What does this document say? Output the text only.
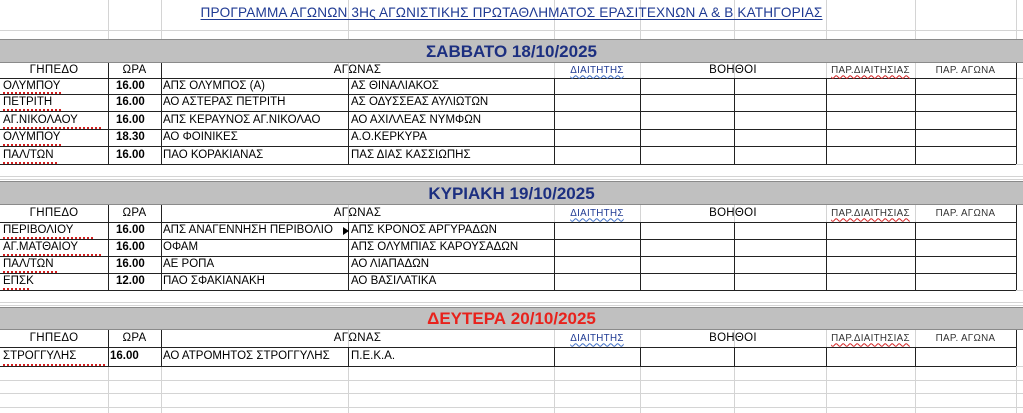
ΠΡΟΓΡΑΜΜΑ ΑΓΩΝΩΝ 3Ης ΑΓΩΝΙΣΤΙΚΗΣ ΠΡΩΤΑΘΛΗΜΑΤΟΣ ΕΡΑΣΙΤΕΧΝΩΝ Α & Β ΚΑΤΗΓΟΡΙΑΣ
ΣΑΒΒΑΤΟ 18/10/2025
ΓΗΠΕΔΟ	ΩΡΑ	ΑΓΩΝΑΣ	ΔΙΑΙΤΗΤΗΣ	ΒΟΗΘΟΙ	ΠΑΡ.ΔΙΑΙΤΗΣΙΑΣ	ΠΑΡ. ΑΓΩΝΑ
ΟΛΥΜΠΟΥ	16.00	ΑΠΣ ΟΛΥΜΠΟΣ (Α)	ΑΣ ΘΙΝΑΛΙΑΚΟΣ
ΠΕΤΡΙΤΗ	16.00	ΑΟ ΑΣΤΕΡΑΣ ΠΕΤΡΙΤΗ	ΑΣ ΟΔΥΣΣΕΑΣ ΑΥΛΙΩΤΩΝ
ΑΓ.ΝΙΚΟΛΑΟΥ	16.00	ΑΠΣ ΚΕΡΑΥΝΟΣ ΑΓ.ΝΙΚΟΛΑΟ	ΑΟ ΑΧΙΛΛΕΑΣ ΝΥΜΦΩΝ
ΟΛΥΜΠΟΥ	18.30	ΑΟ ΦΟΙΝΙΚΕΣ	Α.Ο.ΚΕΡΚΥΡΑ
ΠΑΛ/ΤΩΝ	16.00	ΠΑΟ ΚΟΡΑΚΙΑΝΑΣ	ΠΑΣ ΔΙΑΣ ΚΑΣΣΙΩΠΗΣ
ΚΥΡΙΑΚΗ 19/10/2025
ΓΗΠΕΔΟ	ΩΡΑ	ΑΓΩΝΑΣ	ΔΙΑΙΤΗΤΗΣ	ΒΟΗΘΟΙ	ΠΑΡ.ΔΙΑΙΤΗΣΙΑΣ	ΠΑΡ. ΑΓΩΝΑ
ΠΕΡΙΒΟΛΙΟΥ	16.00	ΑΠΣ ΑΝΑΓΕΝΝΗΣΗ ΠΕΡΙΒΟΛΙΟ	ΑΠΣ ΚΡΟΝΟΣ ΑΡΓΥΡΑΔΩΝ
ΑΓ.ΜΑΤΘΑΙΟΥ	16.00	ΟΦΑΜ	ΑΠΣ ΟΛΥΜΠΙΑΣ ΚΑΡΟΥΣΑΔΩΝ
ΠΑΛ/ΤΩΝ	16.00	ΑΕ ΡΟΠΑ	ΑΟ ΛΙΑΠΑΔΩΝ
ΕΠΣΚ	12.00	ΠΑΟ ΣΦΑΚΙΑΝΑΚΗ	ΑΟ ΒΑΣΙΛΑΤΙΚΑ
ΔΕΥΤΕΡΑ 20/10/2025
ΓΗΠΕΔΟ	ΩΡΑ	ΑΓΩΝΑΣ	ΔΙΑΙΤΗΤΗΣ	ΒΟΗΘΟΙ	ΠΑΡ.ΔΙΑΙΤΗΣΙΑΣ	ΠΑΡ. ΑΓΩΝΑ
ΣΤΡΟΓΓΥΛΗΣ	16.00	ΑΟ ΑΤΡΟΜΗΤΟΣ ΣΤΡΟΓΓΥΛΗΣ	Π.Ε.Κ.Α.
